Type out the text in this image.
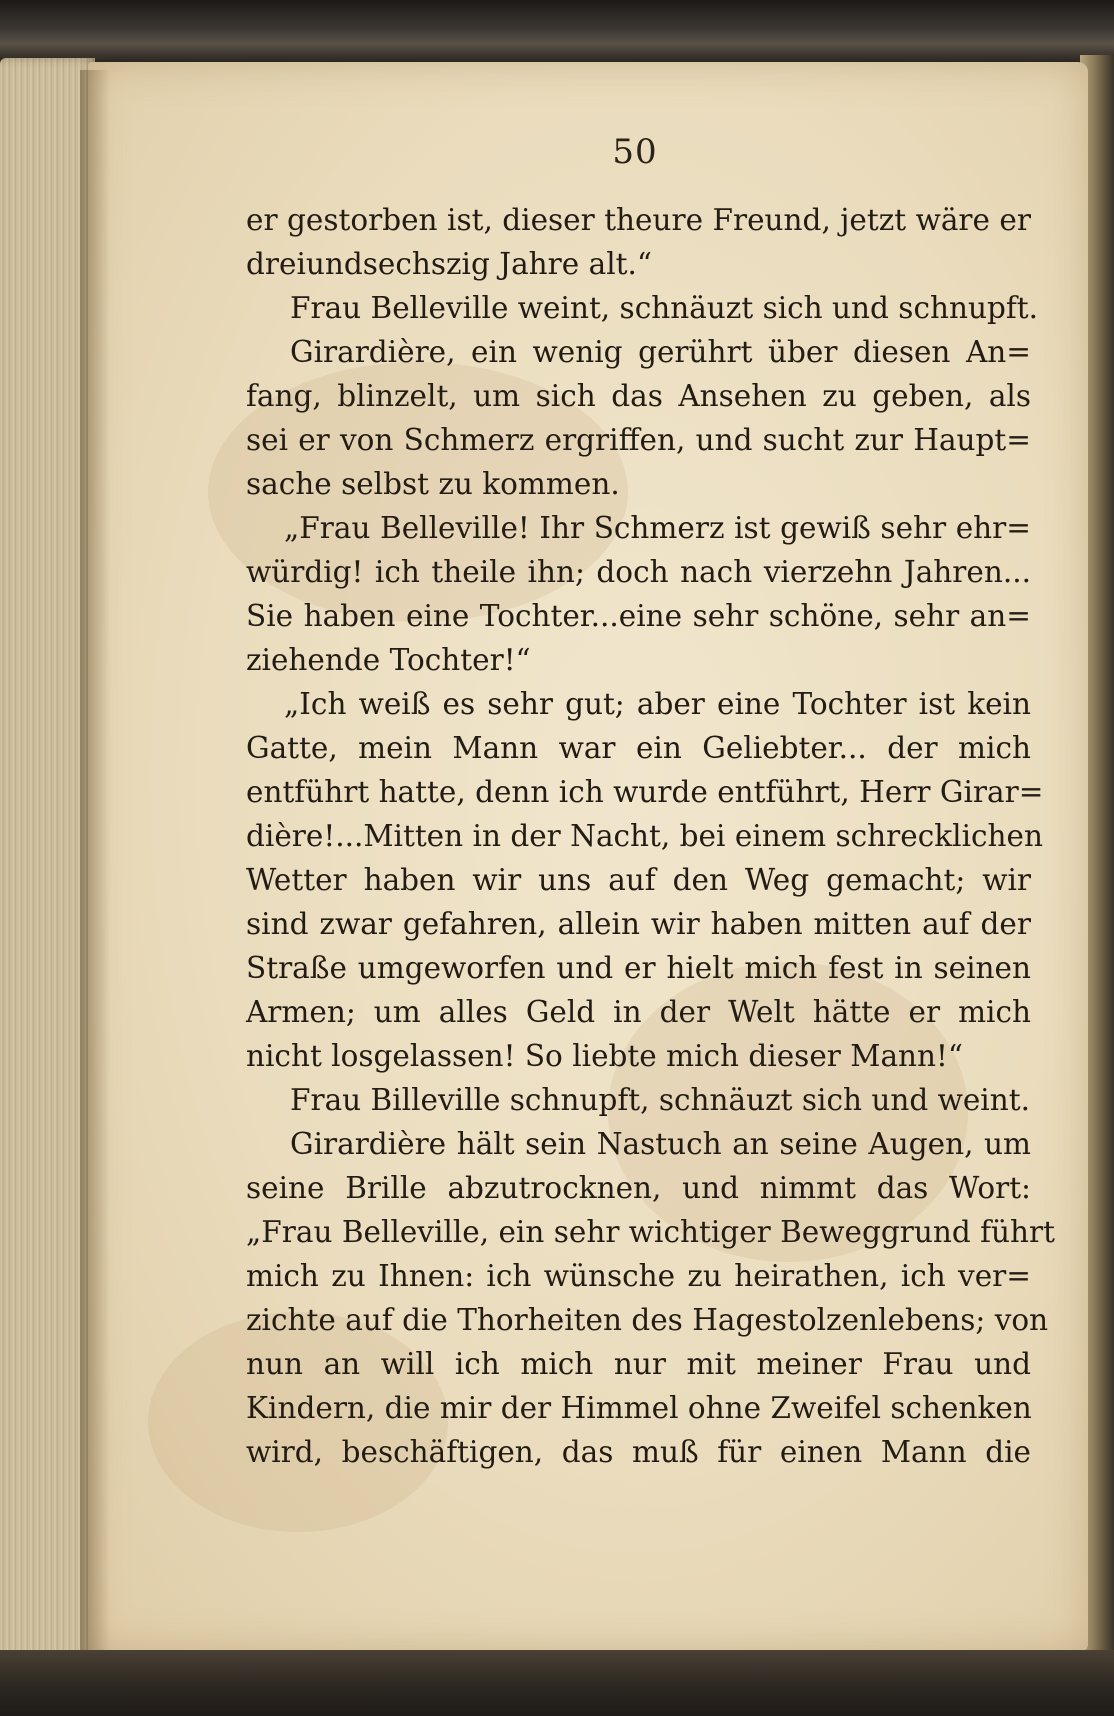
50
er gestorben ist, dieser theure Freund, jetzt wäre er
dreiundsechszig Jahre alt.“
Frau Belleville weint, schnäuzt sich und schnupft.
Girardière, ein wenig gerührt über diesen An=
fang, blinzelt, um sich das Ansehen zu geben, als
sei er von Schmerz ergriffen, und sucht zur Haupt=
sache selbst zu kommen.
„Frau Belleville! Ihr Schmerz ist gewiß sehr ehr=
würdig! ich theile ihn; doch nach vierzehn Jahren...
Sie haben eine Tochter...eine sehr schöne, sehr an=
ziehende Tochter!“
„Ich weiß es sehr gut; aber eine Tochter ist kein
Gatte, mein Mann war ein Geliebter... der mich
entführt hatte, denn ich wurde entführt, Herr Girar=
dière!...Mitten in der Nacht, bei einem schrecklichen
Wetter haben wir uns auf den Weg gemacht; wir
sind zwar gefahren, allein wir haben mitten auf der
Straße umgeworfen und er hielt mich fest in seinen
Armen; um alles Geld in der Welt hätte er mich
nicht losgelassen! So liebte mich dieser Mann!“
Frau Billeville schnupft, schnäuzt sich und weint.
Girardière hält sein Nastuch an seine Augen, um
seine Brille abzutrocknen, und nimmt das Wort:
„Frau Belleville, ein sehr wichtiger Beweggrund führt
mich zu Ihnen: ich wünsche zu heirathen, ich ver=
zichte auf die Thorheiten des Hagestolzenlebens; von
nun an will ich mich nur mit meiner Frau und
Kindern, die mir der Himmel ohne Zweifel schenken
wird, beschäftigen, das muß für einen Mann die
